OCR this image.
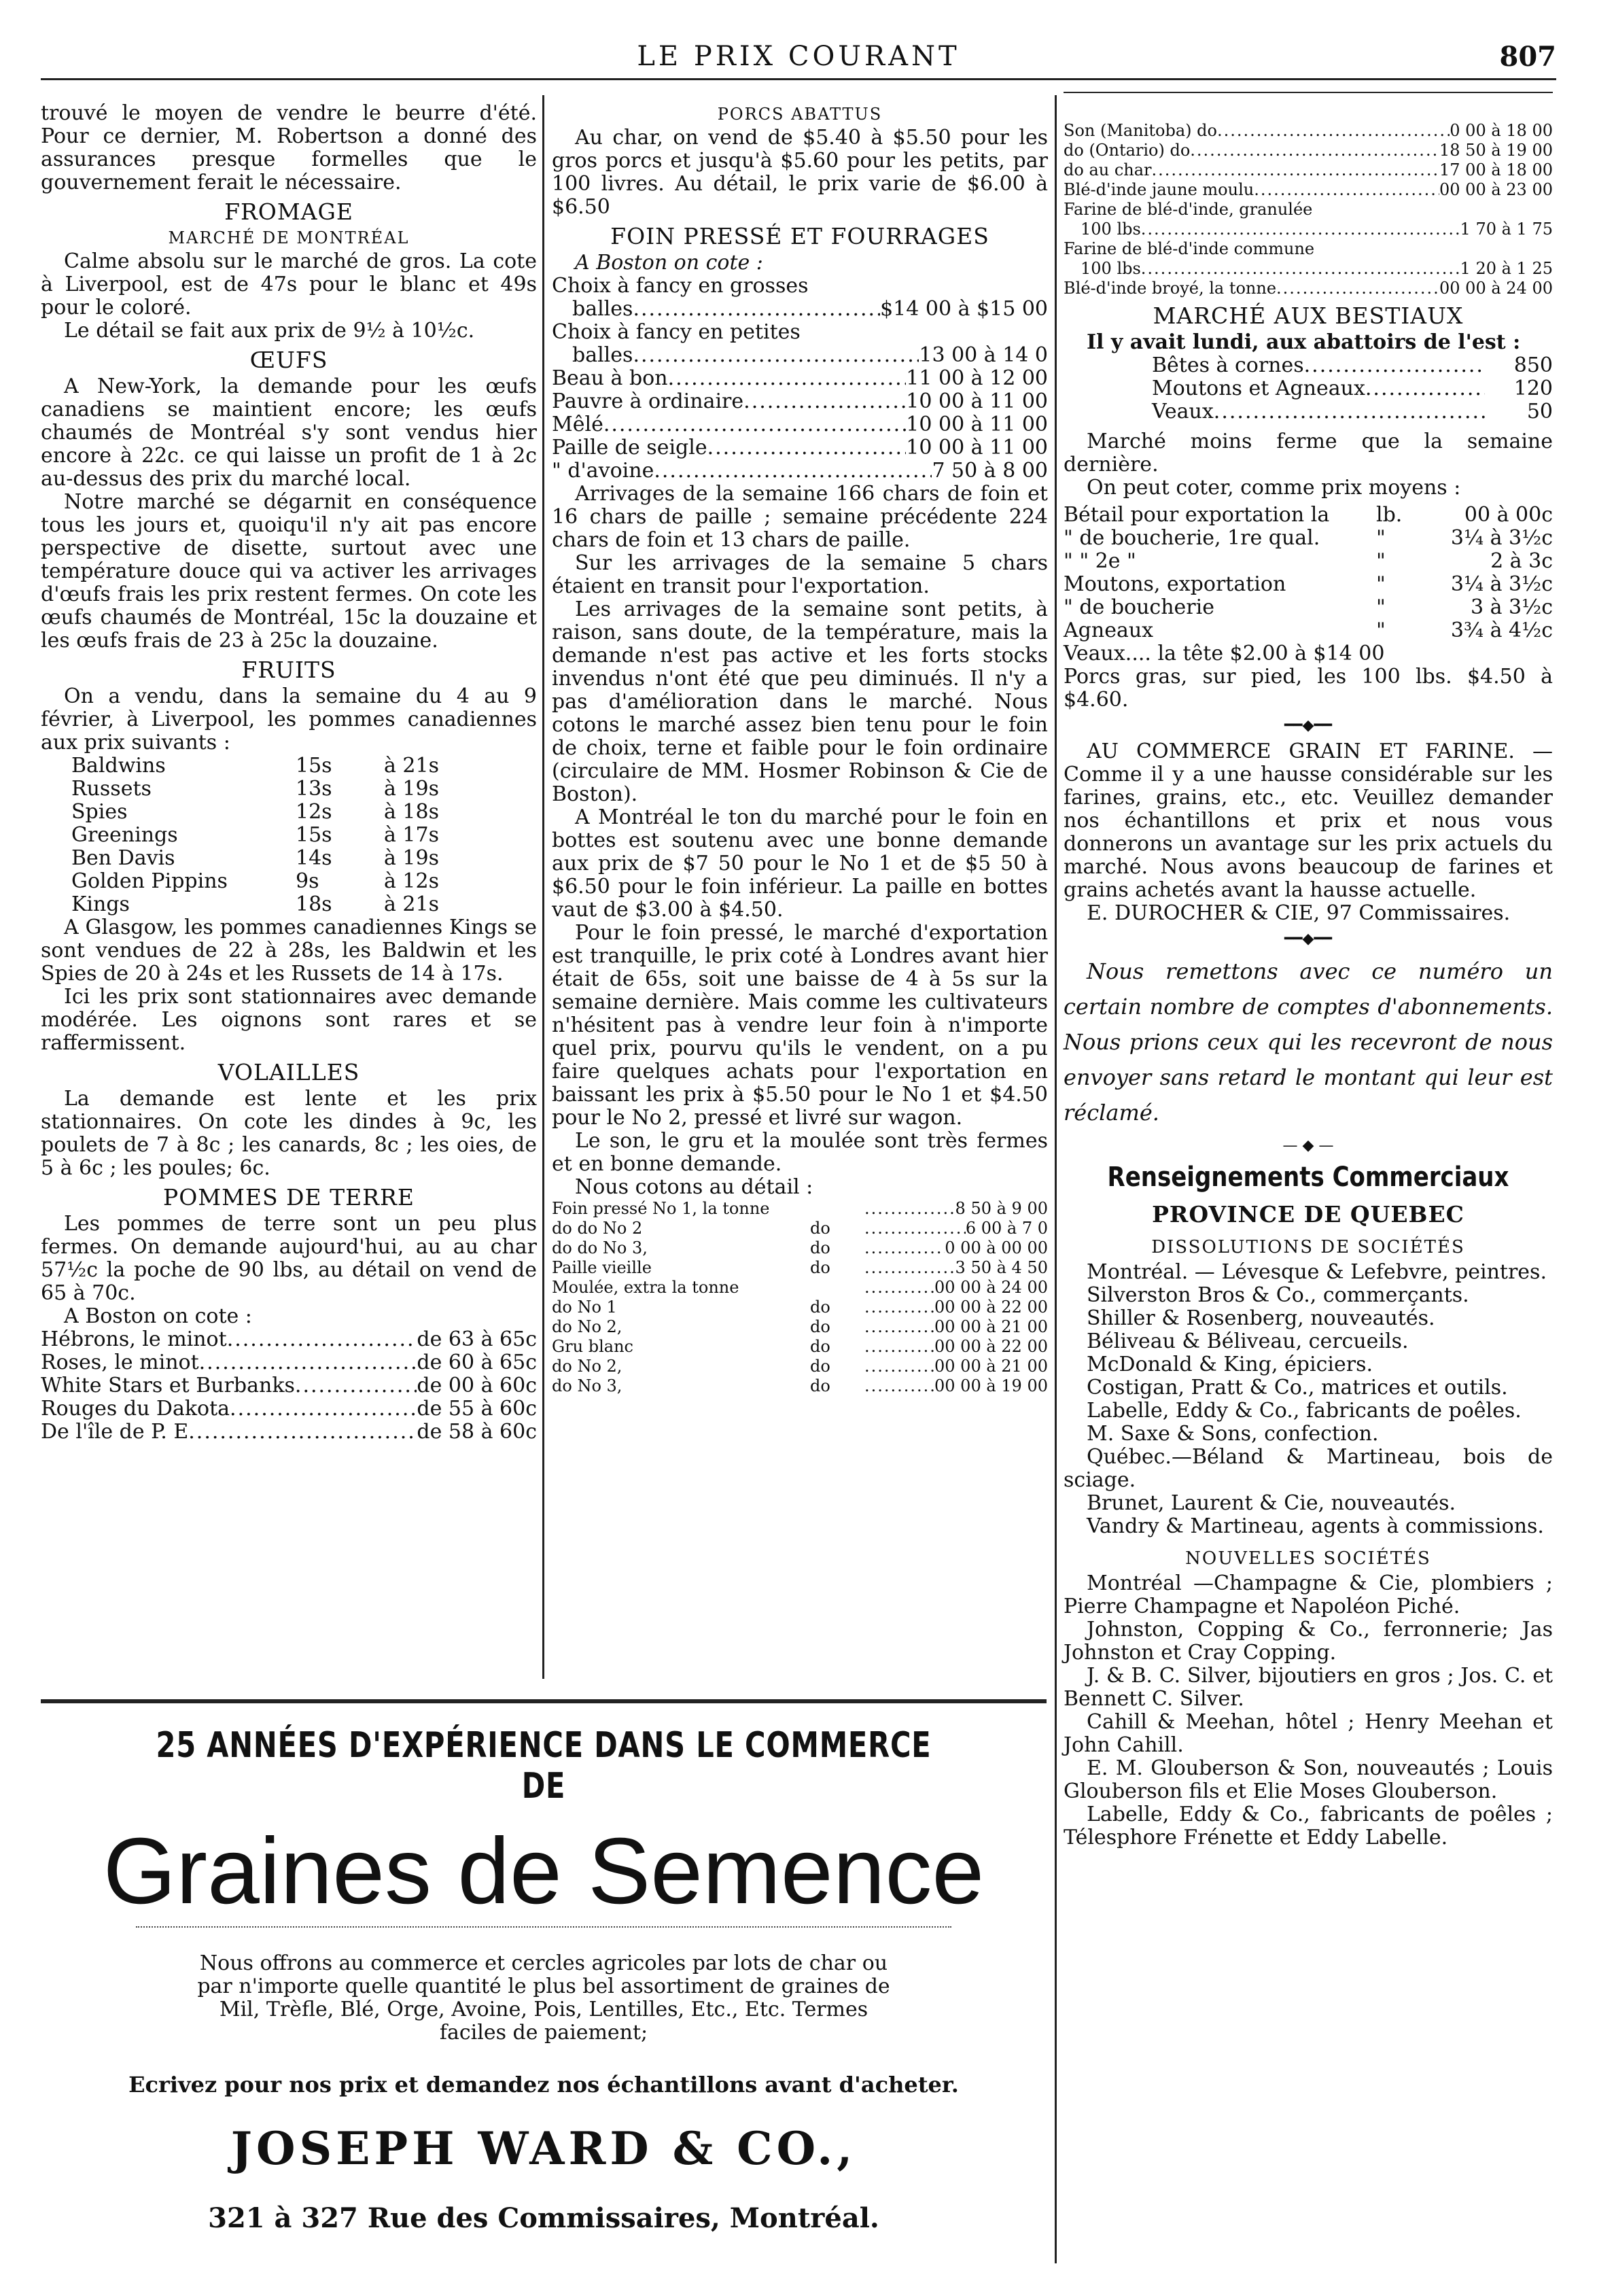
LE PRIX COURANT	807

trouvé le moyen de vendre le beurre d'été. Pour ce dernier, M. Robertson a donné des assurances presque formelles que le gouvernement ferait le nécessaire.

FROMAGE
MARCHÉ DE MONTRÉAL

Calme absolu sur le marché de gros. La cote à Liverpool, est de 47s pour le blanc et 49s pour le coloré.

Le détail se fait aux prix de 9½ à 10½c.

ŒUFS

A New-York, la demande pour les œufs canadiens se maintient encore; les œufs chaumés de Montréal s'y sont vendus hier encore à 22c. ce qui laisse un profit de 1 à 2c au-dessus des prix du marché local.

Notre marché se dégarnit en conséquence tous les jours et, quoiqu'il n'y ait pas encore perspective de disette, surtout avec une température douce qui va activer les arrivages d'œufs frais les prix restent fermes. On cote les œufs chaumés de Montréal, 15c la douzaine et les œufs frais de 23 à 25c la douzaine.

FRUITS

On a vendu, dans la semaine du 4 au 9 février, à Liverpool, les pommes canadiennes aux prix suivants :

Baldwins	15s	à 21s
Russets	13s	à 19s
Spies	12s	à 18s
Greenings	15s	à 17s
Ben Davis	14s	à 19s
Golden Pippins	9s	à 12s
Kings	18s	à 21s

A Glasgow, les pommes canadiennes Kings se sont vendues de 22 à 28s, les Baldwin et les Spies de 20 à 24s et les Russets de 14 à 17s.

Ici les prix sont stationnaires avec demande modérée. Les oignons sont rares et se raffermissent.

VOLAILLES

La demande est lente et les prix stationnaires. On cote les dindes à 9c, les poulets de 7 à 8c ; les canards, 8c ; les oies, de 5 à 6c ; les poules; 6c.

POMMES DE TERRE

Les pommes de terre sont un peu plus fermes. On demande aujourd'hui, au au char 57½c la poche de 90 lbs, au détail on vend de 65 à 70c.

A Boston on cote :

Hébrons, le minot .....	de 63 à 65c
Roses, le minot .....	de 60 à 65c
White Stars et Burbanks .....	de 00 à 60c
Rouges du Dakota .....	de 55 à 60c
De l'île de P. E .....	de 58 à 60c
PORCS ABATTUS

Au char, on vend de $5.40 à $5.50 pour les gros porcs et jusqu'à $5.60 pour les petits, par 100 livres. Au détail, le prix varie de $6.00 à $6.50

FOIN PRESSÉ ET FOURRAGES

A Boston on cote :

Choix à fancy en grosses
balles .....	$14 00 à $15 00
Choix à fancy en petites
balles .....	13 00 à 14 0
Beau à bon .....	11 00 à 12 00
Pauvre à ordinaire .....	10 00 à 11 00
Mêlé .....	10 00 à 11 00
Paille de seigle .....	10 00 à 11 00
" d'avoine .....	7 50 à 8 00

Arrivages de la semaine 166 chars de foin et 16 chars de paille ; semaine précédente 224 chars de foin et 13 chars de paille.

Sur les arrivages de la semaine 5 chars étaient en transit pour l'exportation.

Les arrivages de la semaine sont petits, à raison, sans doute, de la température, mais la demande n'est pas active et les forts stocks invendus n'ont été que peu diminués. Il n'y a pas d'amélioration dans le marché. Nous cotons le marché assez bien tenu pour le foin de choix, terne et faible pour le foin ordinaire (circulaire de MM. Hosmer Robinson & Cie de Boston).

A Montréal le ton du marché pour le foin en bottes est soutenu avec une bonne demande aux prix de $7 50 pour le No 1 et de $5 50 à $6.50 pour le foin inférieur. La paille en bottes vaut de $3.00 à $4.50.

Pour le foin pressé, le marché d'exportation est tranquille, le prix coté à Londres avant hier était de 65s, soit une baisse de 4 à 5s sur la semaine dernière. Mais comme les cultivateurs n'hésitent pas à vendre leur foin à n'importe quel prix, pourvu qu'ils le vendent, on a pu faire quelques achats pour l'exportation en baissant les prix à $5.50 pour le No 1 et $4.50 pour le No 2, pressé et livré sur wagon.

Le son, le gru et la moulée sont très fermes et en bonne demande.

Nous cotons au détail :

Foin pressé No 1, la tonne .....	8 50 à 9 00
do do No 2	do .....	6 00 à 7 0
do do No 3,	do .....	0 00 à 00 00
Paille vieille	do .....	3 50 à 4 50
Moulée, extra la tonne .....	00 00 à 24 00
do No 1	do .....	00 00 à 22 00
do No 2,	do .....	00 00 à 21 00
Gru blanc	do .....	00 00 à 22 00
do No 2,	do .....	00 00 à 21 00
do No 3,	do .....	00 00 à 19 00
Son (Manitoba) do .....	0 00 à 18 00
do (Ontario) do .....	18 50 à 19 00
do au char .....	17 00 à 18 00
Blé-d'inde jaune moulu .....	00 00 à 23 00
Farine de blé-d'inde, granulée
100 lbs .....	1 70 à 1 75
Farine de blé-d'inde commune
100 lbs .....	1 20 à 1 25
Blé-d'inde broyé, la tonne .....	00 00 à 24 00
MARCHÉ AUX BESTIAUX

Il y avait lundi, aux abattoirs de l'est :

Bêtes à cornes .....	850
Moutons et Agneaux .....	120
Veaux .....	50

Marché moins ferme que la semaine dernière.

On peut coter, comme prix moyens :

Bétail pour exportation la	lb.	00 à 00c
" de boucherie, 1re qual.	"	3¼ à 3½c
" " 2e "	"	2 à 3c
Moutons, exportation	"	3¼ à 3½c
" de boucherie	"	3 à 3½c
Agneaux	"	3¾ à 4½c

Veaux.... la tête $2.00 à $14 00

Porcs gras, sur pied, les 100 lbs. $4.50 à $4.60.

━━◆━━

AU COMMERCE GRAIN ET FARINE. — Comme il y a une hausse considérable sur les farines, grains, etc., etc. Veuillez demander nos échantillons et prix et nous vous donnerons un avantage sur les prix actuels du marché. Nous avons beaucoup de farines et grains achetés avant la hausse actuelle.

E. DUROCHER & CIE, 97 Commissaires.

━━◆━━

Nous remettons avec ce numéro un certain nombre de comptes d'abonnements. Nous prions ceux qui les recevront de nous envoyer sans retard le montant qui leur est réclamé.

— ◆ —
Renseignements Commerciaux
PROVINCE DE QUEBEC
DISSOLUTIONS DE SOCIÉTÉS

Montréal. — Lévesque & Lefebvre, peintres.

Silverston Bros & Co., commerçants.

Shiller & Rosenberg, nouveautés.

Béliveau & Béliveau, cercueils.

McDonald & King, épiciers.

Costigan, Pratt & Co., matrices et outils.

Labelle, Eddy & Co., fabricants de poêles.

M. Saxe & Sons, confection.

Québec.—Béland & Martineau, bois de sciage.

Brunet, Laurent & Cie, nouveautés.

Vandry & Martineau, agents à commissions.

NOUVELLES SOCIÉTÉS

Montréal —Champagne & Cie, plombiers ; Pierre Champagne et Napoléon Piché.

Johnston, Copping & Co., ferronnerie; Jas Johnston et Cray Copping.

J. & B. C. Silver, bijoutiers en gros ; Jos. C. et Bennett C. Silver.

Cahill & Meehan, hôtel ; Henry Meehan et John Cahill.

E. M. Glouberson & Son, nouveautés ; Louis Glouberson fils et Elie Moses Glouberson.

Labelle, Eddy & Co., fabricants de poêles ; Télesphore Frénette et Eddy Labelle.

25 ANNÉES D'EXPÉRIENCE DANS LE COMMERCE DE
Graines de Semence
Nous offrons au commerce et cercles agricoles par lots de char ou par n'importe quelle quantité le plus bel assortiment de graines de Mil, Trèfle, Blé, Orge, Avoine, Pois, Lentilles, Etc., Etc. Termes faciles de paiement;
Ecrivez pour nos prix et demandez nos échantillons avant d'acheter.
JOSEPH WARD & CO.,
321 à 327 Rue des Commissaires, Montréal.
